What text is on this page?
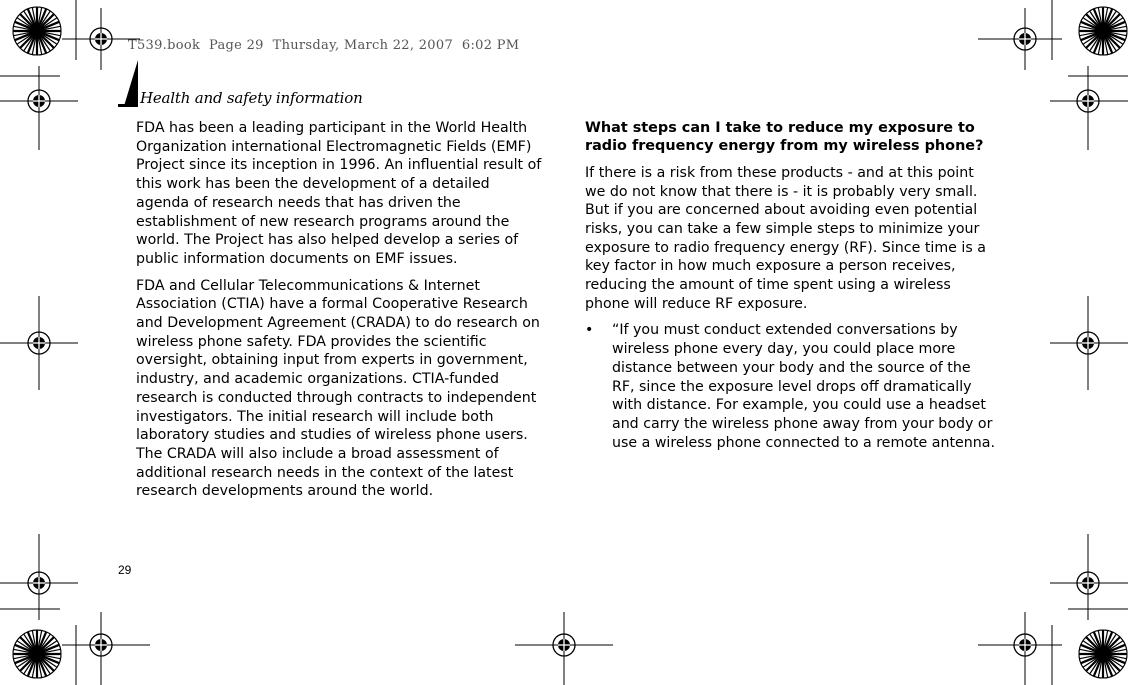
T539.book  Page 29  Thursday, March 22, 2007  6:02 PM
Health and safety information

FDA has been a leading participant in the World Health Organization international Electromagnetic Fields (EMF) Project since its inception in 1996. An influential result of this work has been the development of a detailed agenda of research needs that has driven the establishment of new research programs around the world. The Project has also helped develop a series of public information documents on EMF issues.

FDA and Cellular Telecommunications & Internet Association (CTIA) have a formal Cooperative Research and Development Agreement (CRADA) to do research on wireless phone safety. FDA provides the scientific oversight, obtaining input from experts in government, industry, and academic organizations. CTIA-funded research is conducted through contracts to independent investigators. The initial research will include both laboratory studies and studies of wireless phone users. The CRADA will also include a broad assessment of additional research needs in the context of the latest research developments around the world.

What steps can I take to reduce my exposure to radio frequency energy from my wireless phone?

If there is a risk from these products - and at this point we do not know that there is - it is probably very small. But if you are concerned about avoiding even potential risks, you can take a few simple steps to minimize your exposure to radio frequency energy (RF). Since time is a key factor in how much exposure a person receives, reducing the amount of time spent using a wireless phone will reduce RF exposure.

• “If you must conduct extended conversations by wireless phone every day, you could place more distance between your body and the source of the RF, since the exposure level drops off dramatically with distance. For example, you could use a headset and carry the wireless phone away from your body or use a wireless phone connected to a remote antenna.
29
